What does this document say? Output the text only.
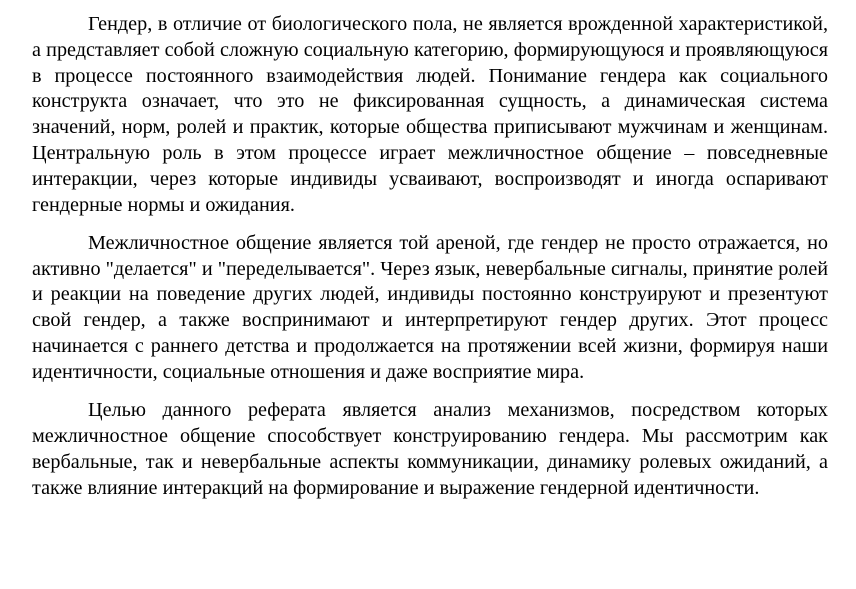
Гендер, в отличие от биологического пола, не является врожденной характеристикой, а представляет собой сложную социальную категорию, формирующуюся и проявляющуюся в процессе постоянного взаимодействия людей. Понимание гендера как социального конструкта означает, что это не фиксированная сущность, а динамическая система значений, норм, ролей и практик, которые общества приписывают мужчинам и женщинам. Центральную роль в этом процессе играет межличностное общение – повседневные интеракции, через которые индивиды усваивают, воспроизводят и иногда оспаривают гендерные нормы и ожидания.

Межличностное общение является той ареной, где гендер не просто отражается, но активно "делается" и "переделывается". Через язык, невербальные сигналы, принятие ролей и реакции на поведение других людей, индивиды постоянно конструируют и презентуют свой гендер, а также воспринимают и интерпретируют гендер других. Этот процесс начинается с раннего детства и продолжается на протяжении всей жизни, формируя наши идентичности, социальные отношения и даже восприятие мира.

Целью данного реферата является анализ механизмов, посредством которых межличностное общение способствует конструированию гендера. Мы рассмотрим как вербальные, так и невербальные аспекты коммуникации, динамику ролевых ожиданий, а также влияние интеракций на формирование и выражение гендерной идентичности.
